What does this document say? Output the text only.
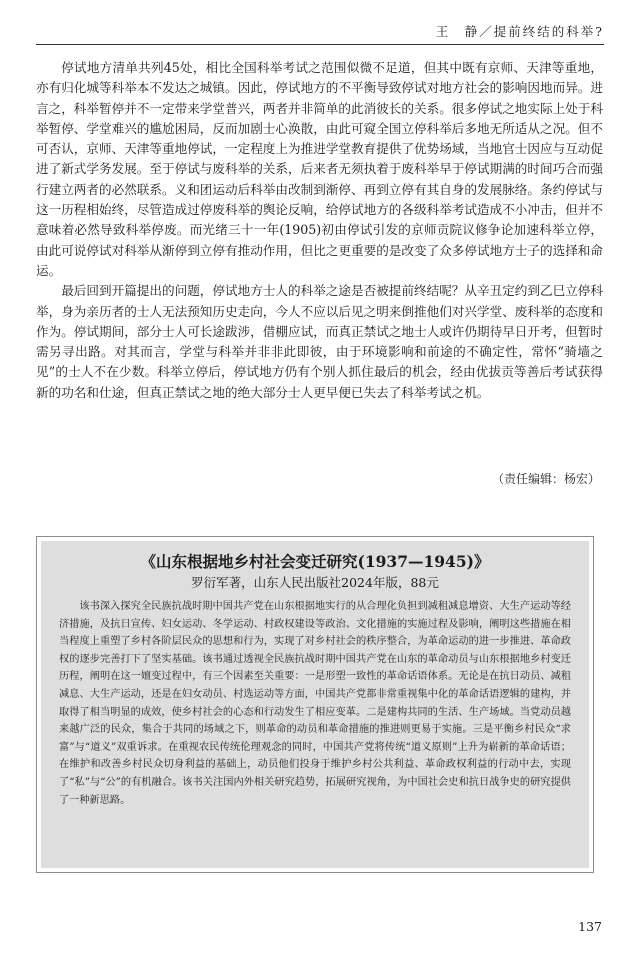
王　静／提前终结的科举?

停试地方清单共列45处，相比全国科举考试之范围似微不足道，但其中既有京师、天津等重地，亦有归化城等科举本不发达之城镇。因此，停试地方的不平衡导致停试对地方社会的影响因地而异。进言之，科举暂停并不一定带来学堂普兴，两者并非简单的此消彼长的关系。很多停试之地实际上处于科举暂停、学堂难兴的尴尬困局，反而加剧士心涣散，由此可窥全国立停科举后多地无所适从之况。但不可否认，京师、天津等重地停试，一定程度上为推进学堂教育提供了优势场域，当地官士因应与互动促进了新式学务发展。至于停试与废科举的关系，后来者无须执着于废科举早于停试期满的时间巧合而强行建立两者的必然联系。义和团运动后科举由改制到渐停、再到立停有其自身的发展脉络。条约停试与这一历程相始终，尽管造成过停废科举的舆论反响，给停试地方的各级科举考试造成不小冲击，但并不意味着必然导致科举停废。而光绪三十一年(1905)初由停试引发的京师贡院议修争论加速科举立停，由此可说停试对科举从渐停到立停有推动作用，但比之更重要的是改变了众多停试地方士子的选择和命运。

最后回到开篇提出的问题，停试地方士人的科举之途是否被提前终结呢？从辛丑定约到乙巳立停科举，身为亲历者的士人无法预知历史走向，今人不应以后见之明来倒推他们对兴学堂、废科举的态度和作为。停试期间，部分士人可长途跋涉，借棚应试，而真正禁试之地士人或许仍期待早日开考，但暂时需另寻出路。对其而言，学堂与科举并非非此即彼，由于环境影响和前途的不确定性，常怀“骑墙之见”的士人不在少数。科举立停后，停试地方仍有个别人抓住最后的机会，经由优拔贡等善后考试获得新的功名和仕途，但真正禁试之地的绝大部分士人更早便已失去了科举考试之机。

（责任编辑：杨宏）
《山东根据地乡村社会变迁研究(1937—1945)》
罗衍军著，山东人民出版社2024年版，88元

该书深入探究全民族抗战时期中国共产党在山东根据地实行的从合理化负担到减租减息增资、大生产运动等经济措施，及抗日宣传、妇女运动、冬学运动、村政权建设等政治、文化措施的实施过程及影响，阐明这些措施在相当程度上重塑了乡村各阶层民众的思想和行为，实现了对乡村社会的秩序整合，为革命运动的进一步推进、革命政权的逐步完善打下了坚实基础。该书通过透视全民族抗战时期中国共产党在山东的革命动员与山东根据地乡村变迁历程，阐明在这一嬗变过程中，有三个因素至关重要：一是形塑一致性的革命话语体系。无论是在抗日动员、减租减息、大生产运动，还是在妇女动员、村选运动等方面，中国共产党都非常重视集中化的革命话语逻辑的建构，并取得了相当明显的成效，使乡村社会的心态和行动发生了相应变革。二是建构共同的生活、生产场域。当党动员越来越广泛的民众，集合于共同的场域之下，则革命的动员和革命措施的推进则更易于实施。三是平衡乡村民众“求富”与“道义”双重诉求。在重视农民传统伦理观念的同时，中国共产党将传统“道义原则”上升为崭新的革命话语；在维护和改善乡村民众切身利益的基础上，动员他们投身于维护乡村公共利益、革命政权利益的行动中去，实现了“私”与“公”的有机融合。该书关注国内外相关研究趋势，拓展研究视角，为中国社会史和抗日战争史的研究提供了一种新思路。

137
